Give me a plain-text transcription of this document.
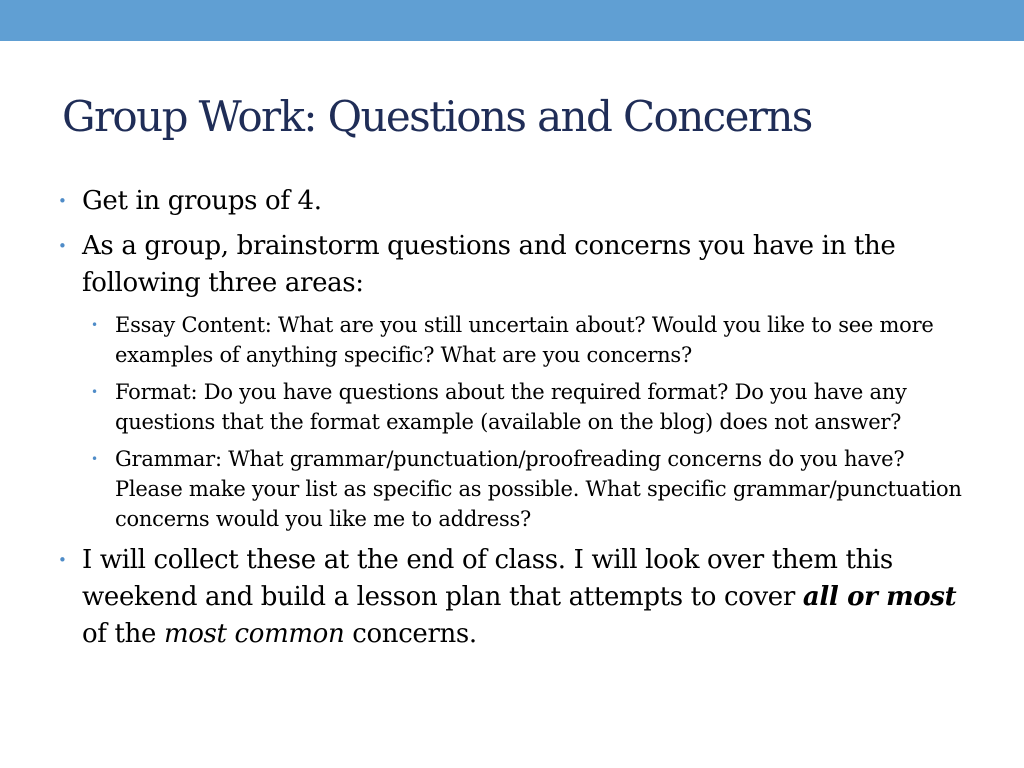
Group Work: Questions and Concerns
• Get in groups of 4.
• As a group, brainstorm questions and concerns you have in the following three areas:
• Essay Content: What are you still uncertain about? Would you like to see more examples of anything specific? What are you concerns?
• Format: Do you have questions about the required format? Do you have any questions that the format example (available on the blog) does not answer?
• Grammar: What grammar/punctuation/proofreading concerns do you have? Please make your list as specific as possible. What specific grammar/punctuation concerns would you like me to address?
• I will collect these at the end of class. I will look over them this weekend and build a lesson plan that attempts to cover all or most of the most common concerns.
